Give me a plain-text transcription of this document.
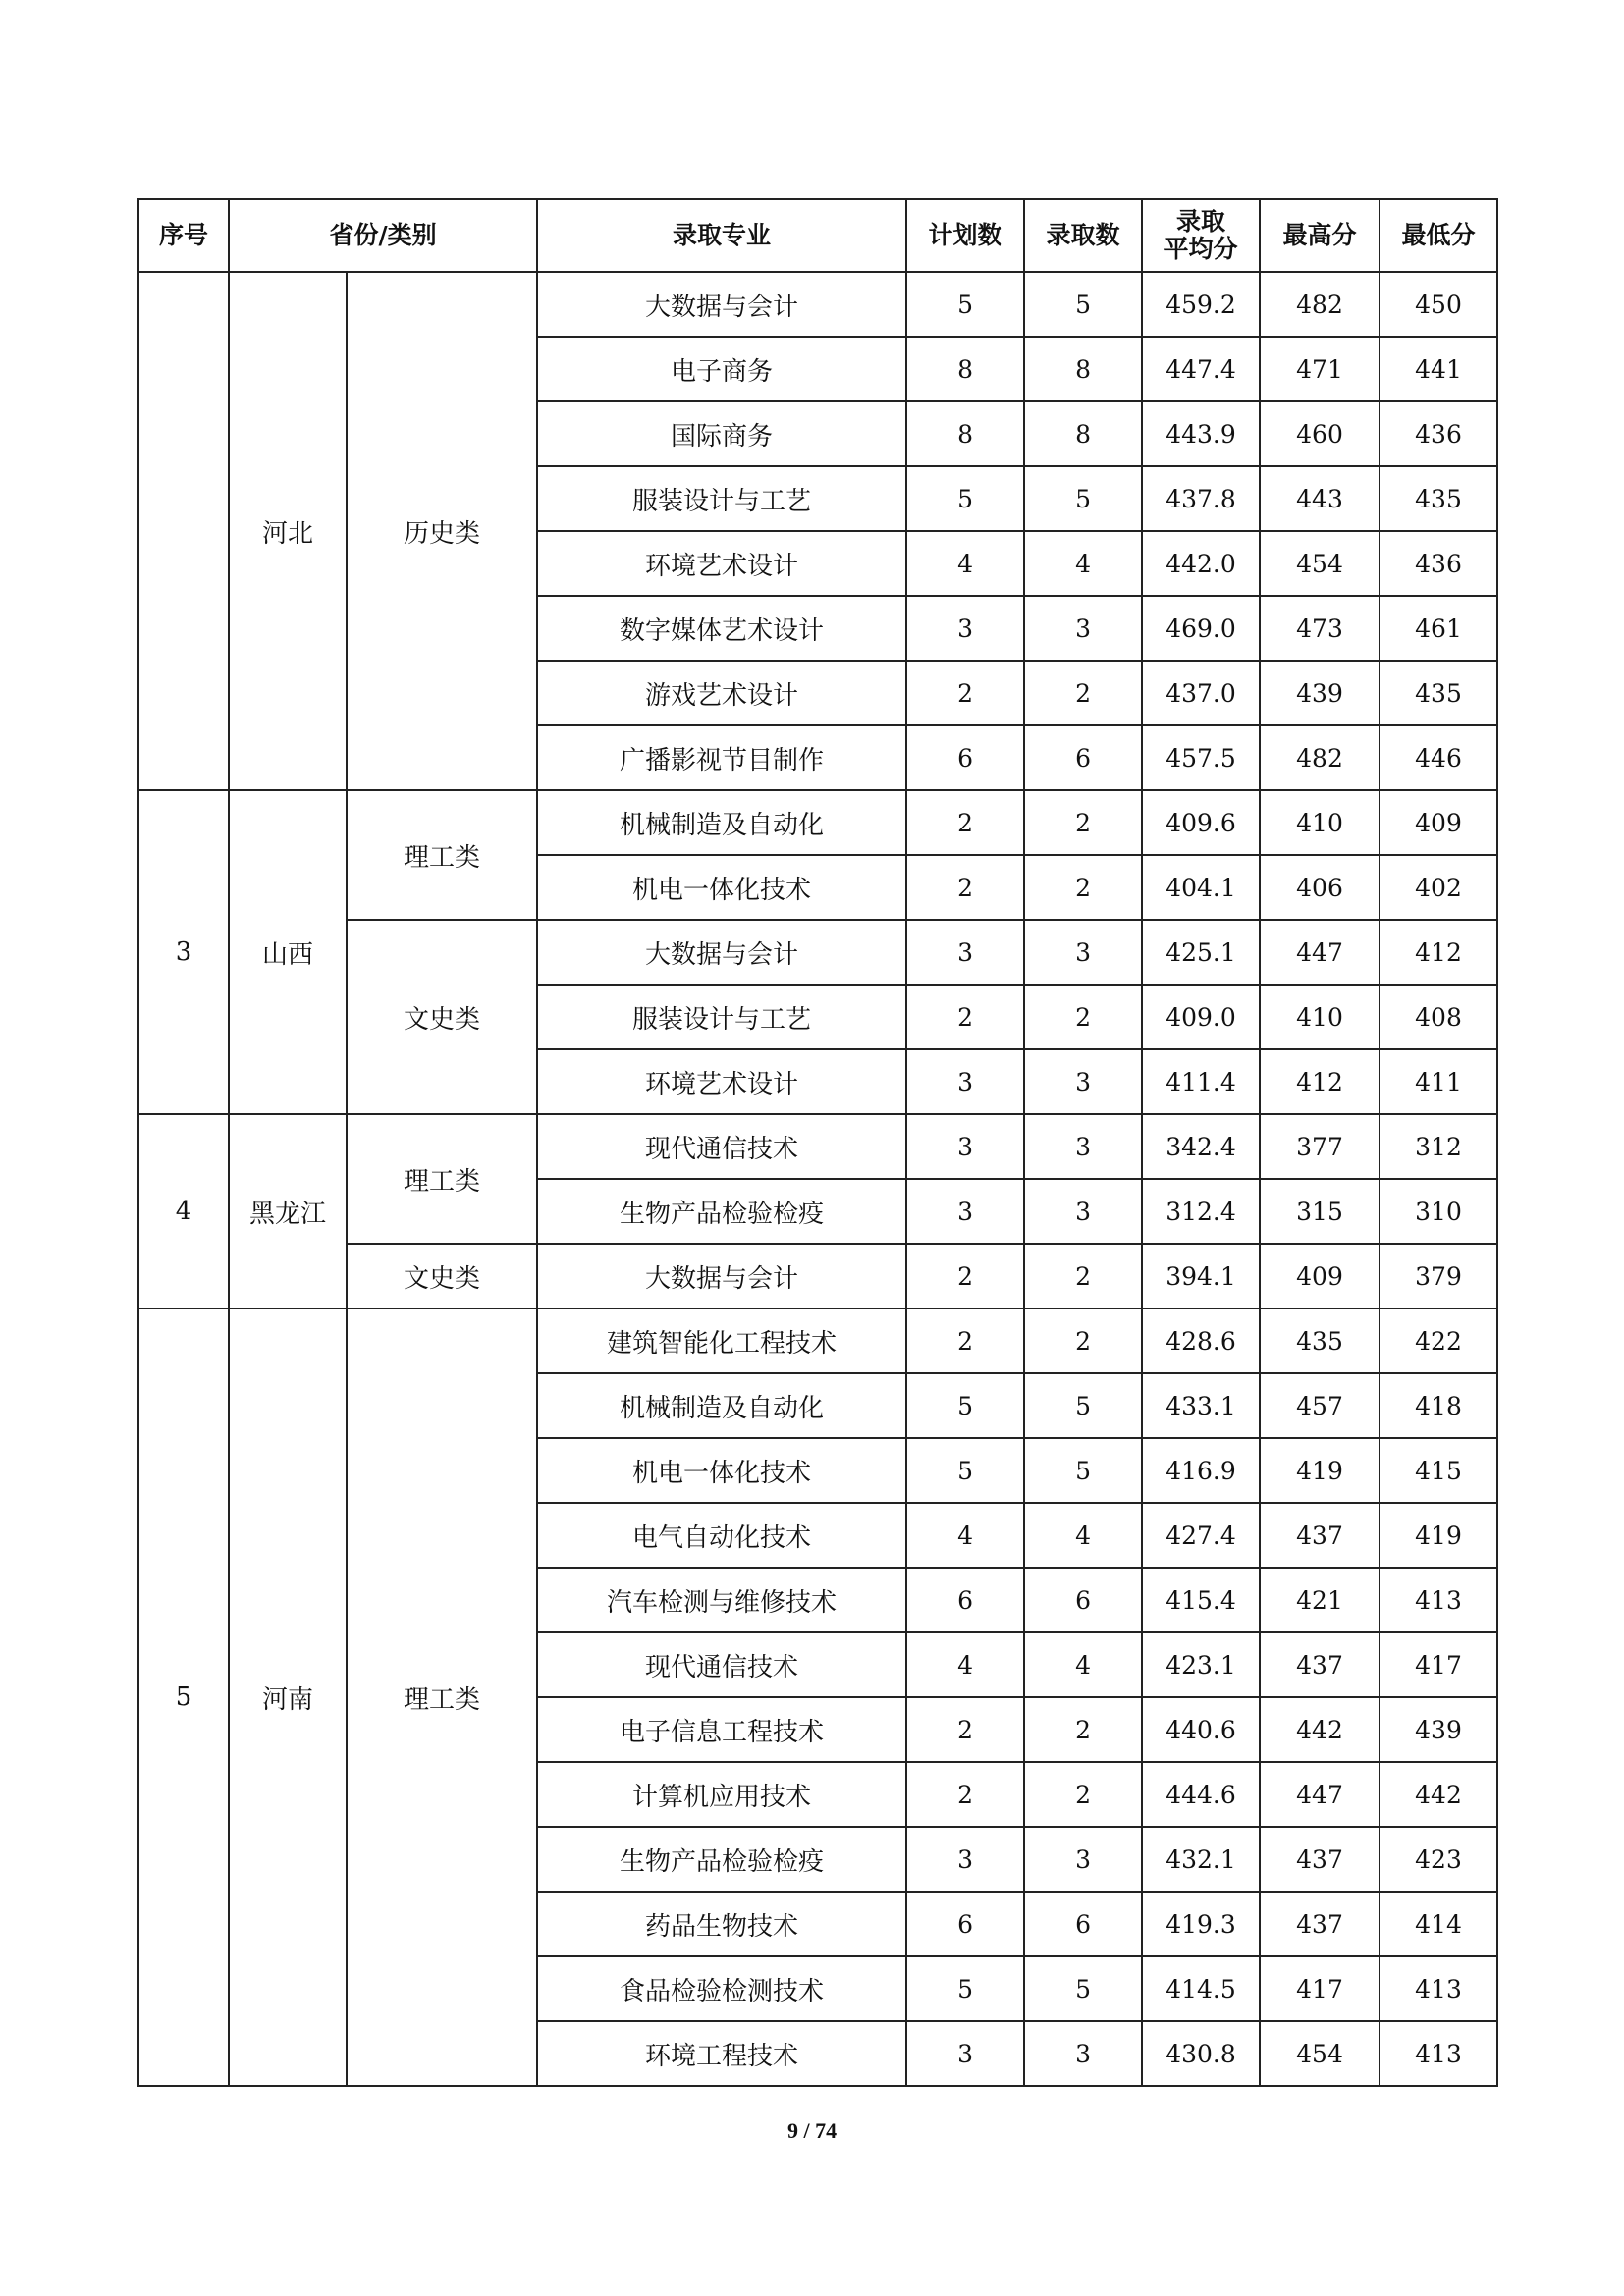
序号	省份/类别		录取专业	计划数	录取数	录取
平均分	最高分	最低分
	河北	历史类	大数据与会计	5	5	459.2	482	450
			电子商务	8	8	447.4	471	441
			国际商务	8	8	443.9	460	436
			服装设计与工艺	5	5	437.8	443	435
			环境艺术设计	4	4	442.0	454	436
			数字媒体艺术设计	3	3	469.0	473	461
			游戏艺术设计	2	2	437.0	439	435
			广播影视节目制作	6	6	457.5	482	446
3	山西	理工类	机械制造及自动化	2	2	409.6	410	409
			机电一体化技术	2	2	404.1	406	402
		文史类	大数据与会计	3	3	425.1	447	412
			服装设计与工艺	2	2	409.0	410	408
			环境艺术设计	3	3	411.4	412	411
4	黑龙江	理工类	现代通信技术	3	3	342.4	377	312
			生物产品检验检疫	3	3	312.4	315	310
		文史类	大数据与会计	2	2	394.1	409	379
5	河南	理工类	建筑智能化工程技术	2	2	428.6	435	422
			机械制造及自动化	5	5	433.1	457	418
			机电一体化技术	5	5	416.9	419	415
			电气自动化技术	4	4	427.4	437	419
			汽车检测与维修技术	6	6	415.4	421	413
			现代通信技术	4	4	423.1	437	417
			电子信息工程技术	2	2	440.6	442	439
			计算机应用技术	2	2	444.6	447	442
			生物产品检验检疫	3	3	432.1	437	423
			药品生物技术	6	6	419.3	437	414
			食品检验检测技术	5	5	414.5	417	413
			环境工程技术	3	3	430.8	454	413
9 / 74
